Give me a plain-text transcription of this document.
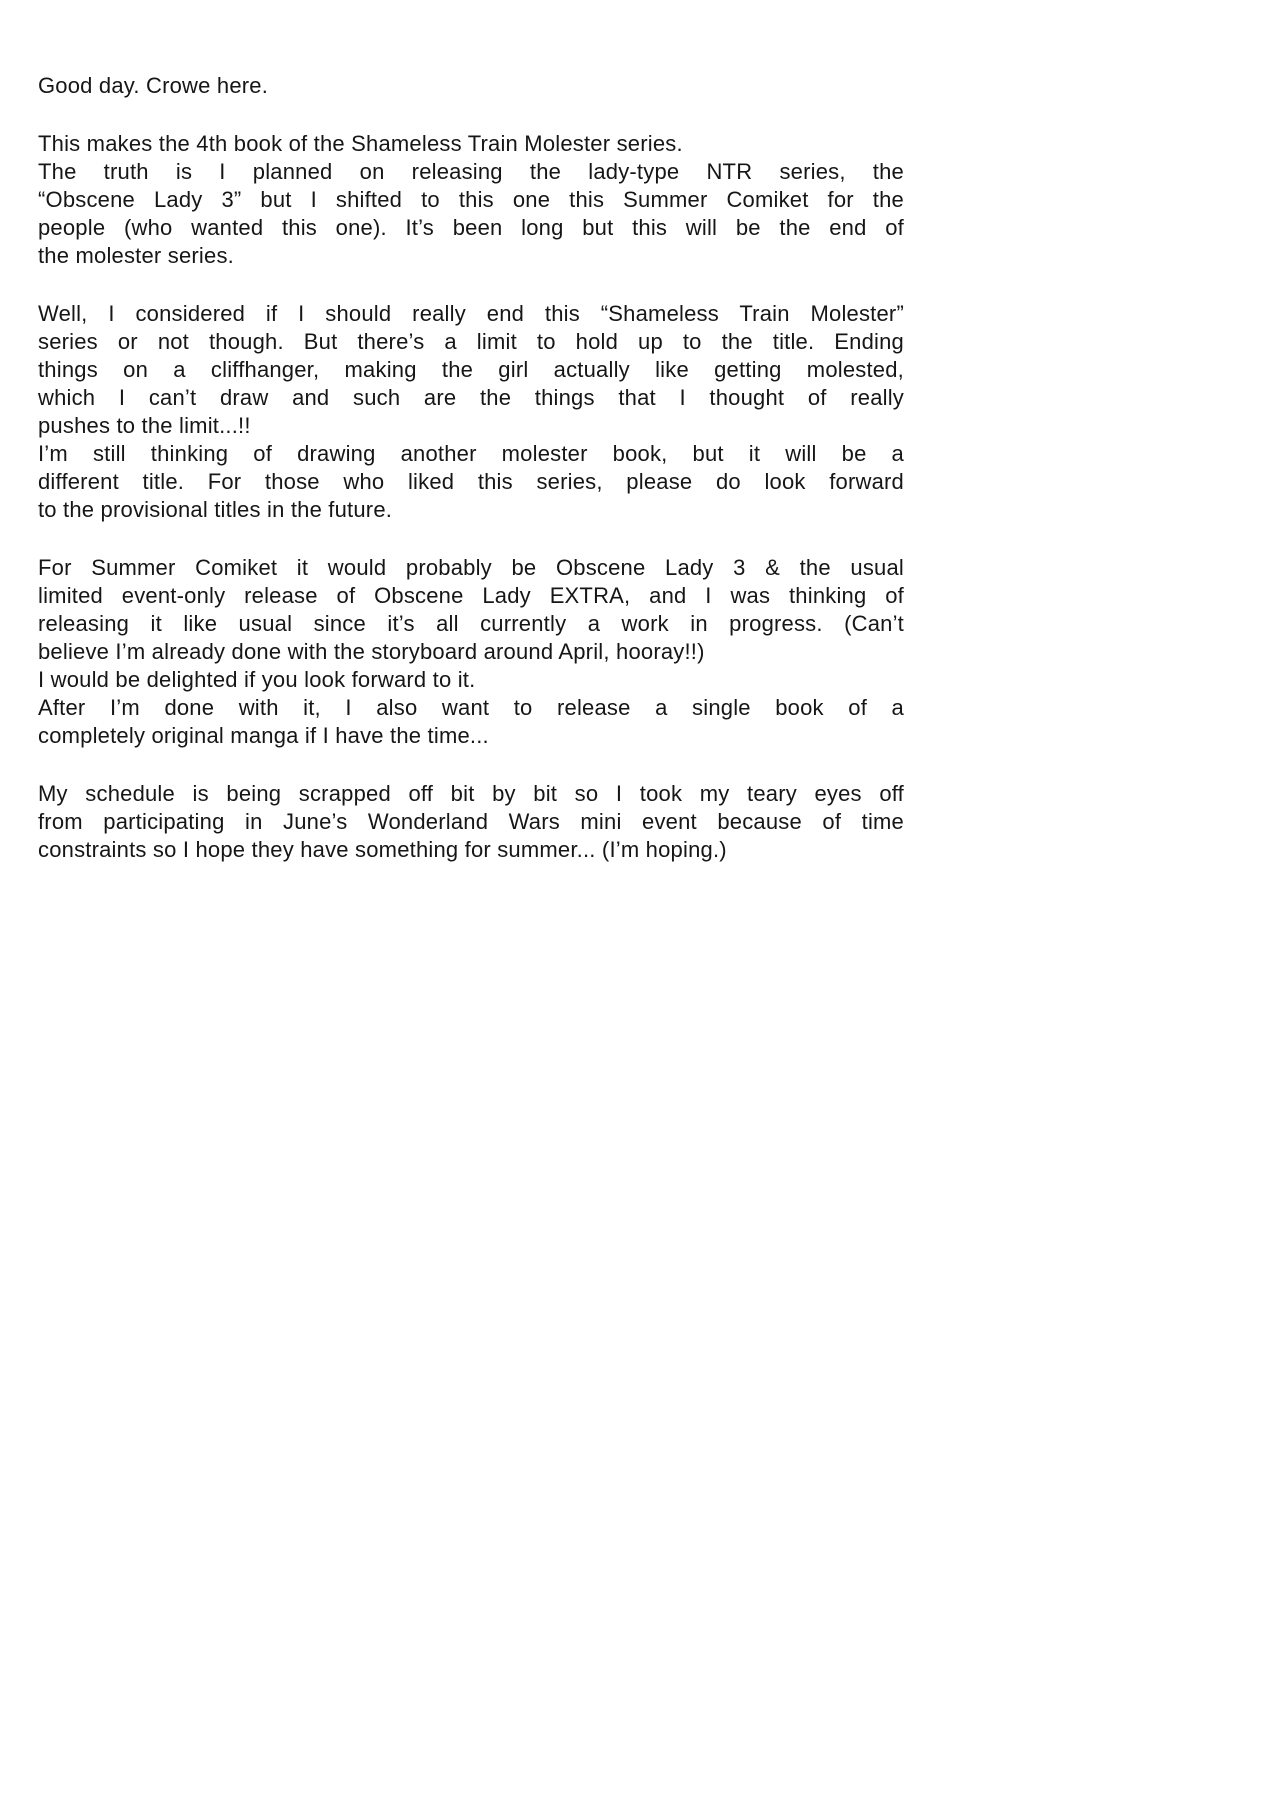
Good day. Crowe here.
This makes the 4th book of the Shameless Train Molester series.
The truth is I planned on releasing the lady-type NTR series, the
“Obscene Lady 3” but I shifted to this one this Summer Comiket for the
people (who wanted this one). It’s been long but this will be the end of
the molester series.
Well, I considered if I should really end this “Shameless Train Molester”
series or not though. But there’s a limit to hold up to the title. Ending
things on a cliffhanger, making the girl actually like getting molested,
which I can’t draw and such are the things that I thought of really
pushes to the limit...!!
I’m still thinking of drawing another molester book, but it will be a
different title. For those who liked this series, please do look forward
to the provisional titles in the future.
For Summer Comiket it would probably be Obscene Lady 3 & the usual
limited event-only release of Obscene Lady EXTRA, and I was thinking of
releasing it like usual since it’s all currently a work in progress. (Can’t
believe I’m already done with the storyboard around April, hooray!!)
I would be delighted if you look forward to it.
After I’m done with it, I also want to release a single book of a
completely original manga if I have the time...
My schedule is being scrapped off bit by bit so I took my teary eyes off
from participating in June’s Wonderland Wars mini event because of time
constraints so I hope they have something for summer... (I’m hoping.)
